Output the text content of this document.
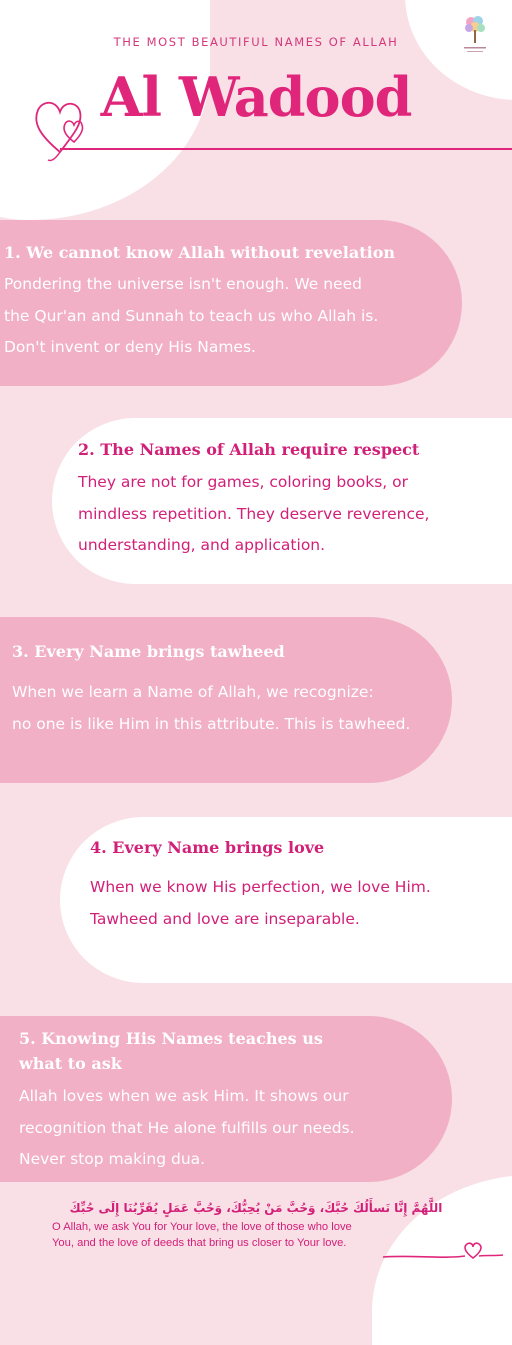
THE MOST BEAUTIFUL NAMES OF ALLAH
Al Wadood
1. We cannot know Allah without revelation
Pondering the universe isn't enough. We need
the Qur'an and Sunnah to teach us who Allah is.
Don't invent or deny His Names.
2. The Names of Allah require respect
They are not for games, coloring books, or
mindless repetition. They deserve reverence,
understanding, and application.
3. Every Name brings tawheed
When we learn a Name of Allah, we recognize:
no one is like Him in this attribute. This is tawheed.
4. Every Name brings love
When we know His perfection, we love Him.
Tawheed and love are inseparable.
5. Knowing His Names teaches us
what to ask
Allah loves when we ask Him. It shows our
recognition that He alone fulfills our needs.
Never stop making dua.
اللَّهُمَّ إِنَّا نَسأَلُكَ حُبَّكَ، وَحُبَّ مَنْ يُحِبُّكَ، وَحُبَّ عَمَلٍ يُقَرِّبُنَا إِلَى حُبِّكَ
O Allah, we ask You for Your love, the love of those who love
You, and the love of deeds that bring us closer to Your love.
